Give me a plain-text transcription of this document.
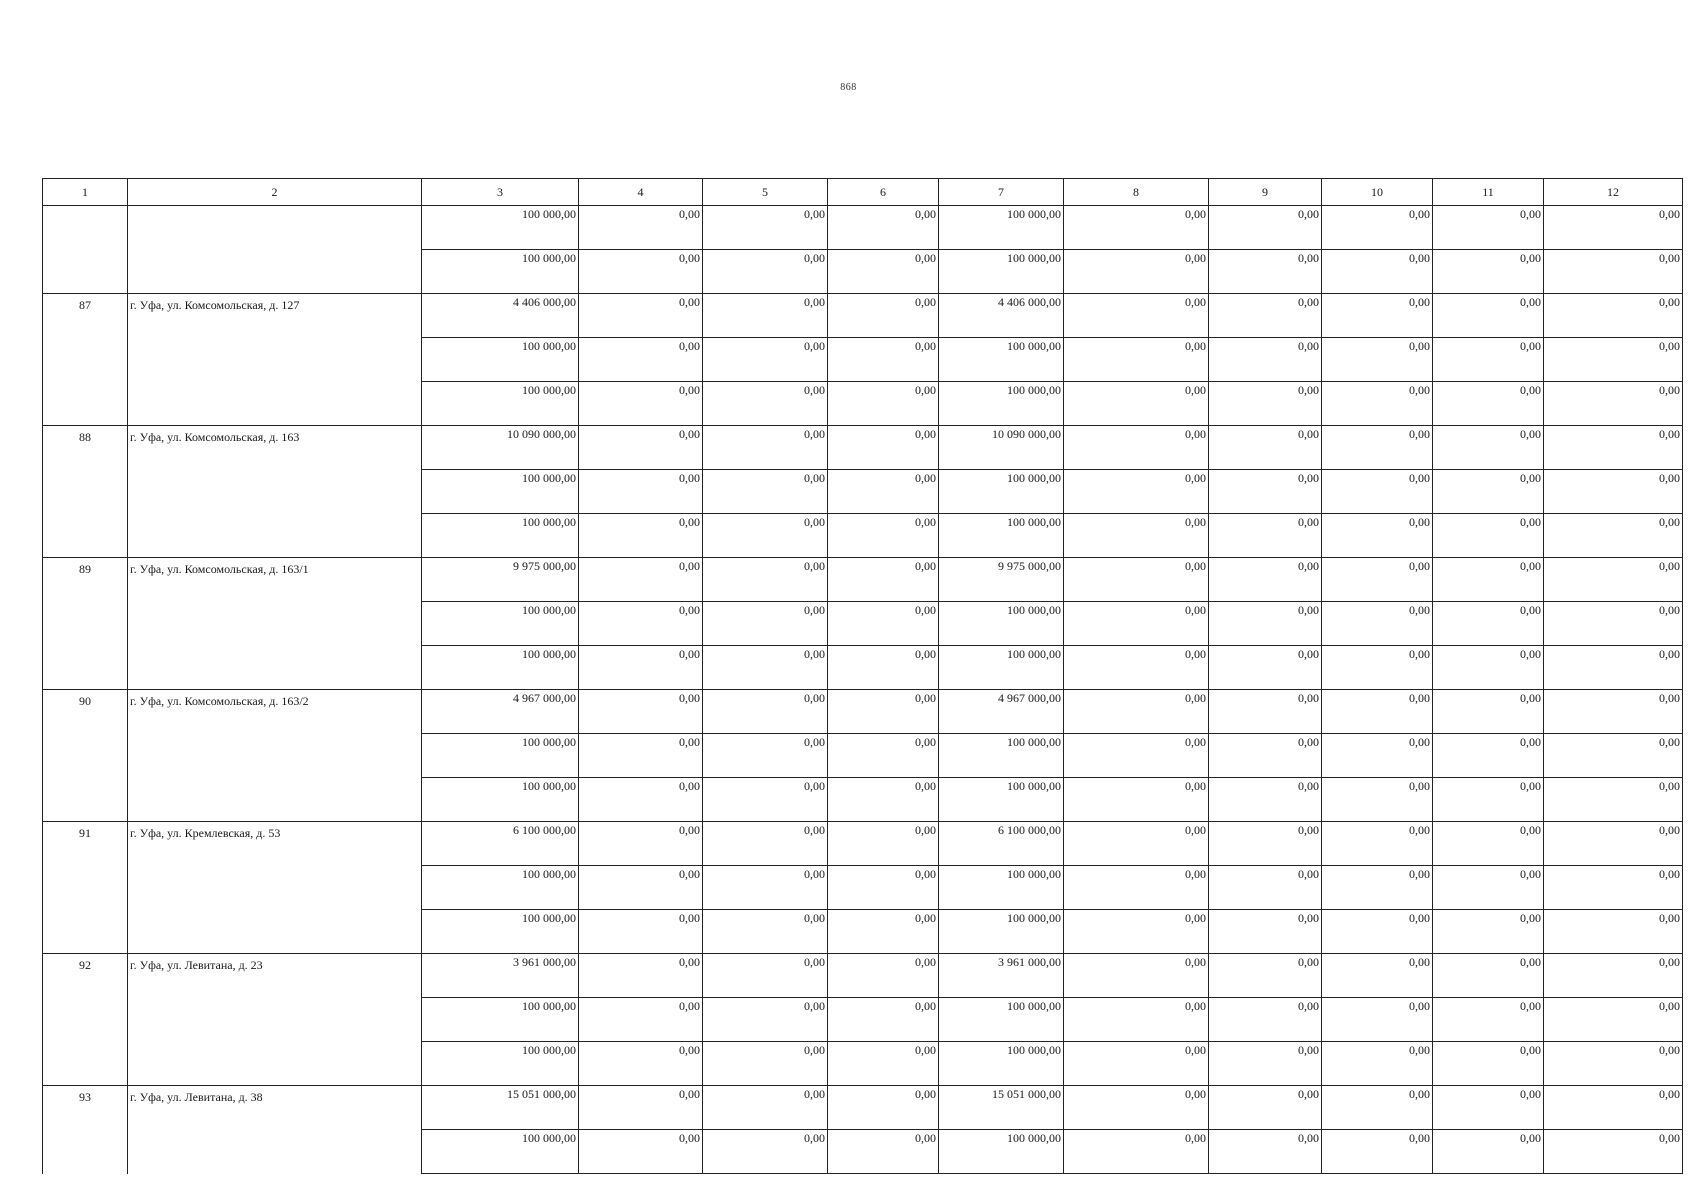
868
1	2	3	4	5	6	7	8	9	10	11	12
		100 000,00	0,00	0,00	0,00	100 000,00	0,00	0,00	0,00	0,00	0,00
		100 000,00	0,00	0,00	0,00	100 000,00	0,00	0,00	0,00	0,00	0,00
87	г. Уфа, ул. Комсомольская, д. 127	4 406 000,00	0,00	0,00	0,00	4 406 000,00	0,00	0,00	0,00	0,00	0,00
		100 000,00	0,00	0,00	0,00	100 000,00	0,00	0,00	0,00	0,00	0,00
		100 000,00	0,00	0,00	0,00	100 000,00	0,00	0,00	0,00	0,00	0,00
88	г. Уфа, ул. Комсомольская, д. 163	10 090 000,00	0,00	0,00	0,00	10 090 000,00	0,00	0,00	0,00	0,00	0,00
		100 000,00	0,00	0,00	0,00	100 000,00	0,00	0,00	0,00	0,00	0,00
		100 000,00	0,00	0,00	0,00	100 000,00	0,00	0,00	0,00	0,00	0,00
89	г. Уфа, ул. Комсомольская, д. 163/1	9 975 000,00	0,00	0,00	0,00	9 975 000,00	0,00	0,00	0,00	0,00	0,00
		100 000,00	0,00	0,00	0,00	100 000,00	0,00	0,00	0,00	0,00	0,00
		100 000,00	0,00	0,00	0,00	100 000,00	0,00	0,00	0,00	0,00	0,00
90	г. Уфа, ул. Комсомольская, д. 163/2	4 967 000,00	0,00	0,00	0,00	4 967 000,00	0,00	0,00	0,00	0,00	0,00
		100 000,00	0,00	0,00	0,00	100 000,00	0,00	0,00	0,00	0,00	0,00
		100 000,00	0,00	0,00	0,00	100 000,00	0,00	0,00	0,00	0,00	0,00
91	г. Уфа, ул. Кремлевская, д. 53	6 100 000,00	0,00	0,00	0,00	6 100 000,00	0,00	0,00	0,00	0,00	0,00
		100 000,00	0,00	0,00	0,00	100 000,00	0,00	0,00	0,00	0,00	0,00
		100 000,00	0,00	0,00	0,00	100 000,00	0,00	0,00	0,00	0,00	0,00
92	г. Уфа, ул. Левитана, д. 23	3 961 000,00	0,00	0,00	0,00	3 961 000,00	0,00	0,00	0,00	0,00	0,00
		100 000,00	0,00	0,00	0,00	100 000,00	0,00	0,00	0,00	0,00	0,00
		100 000,00	0,00	0,00	0,00	100 000,00	0,00	0,00	0,00	0,00	0,00
93	г. Уфа, ул. Левитана, д. 38	15 051 000,00	0,00	0,00	0,00	15 051 000,00	0,00	0,00	0,00	0,00	0,00
		100 000,00	0,00	0,00	0,00	100 000,00	0,00	0,00	0,00	0,00	0,00
